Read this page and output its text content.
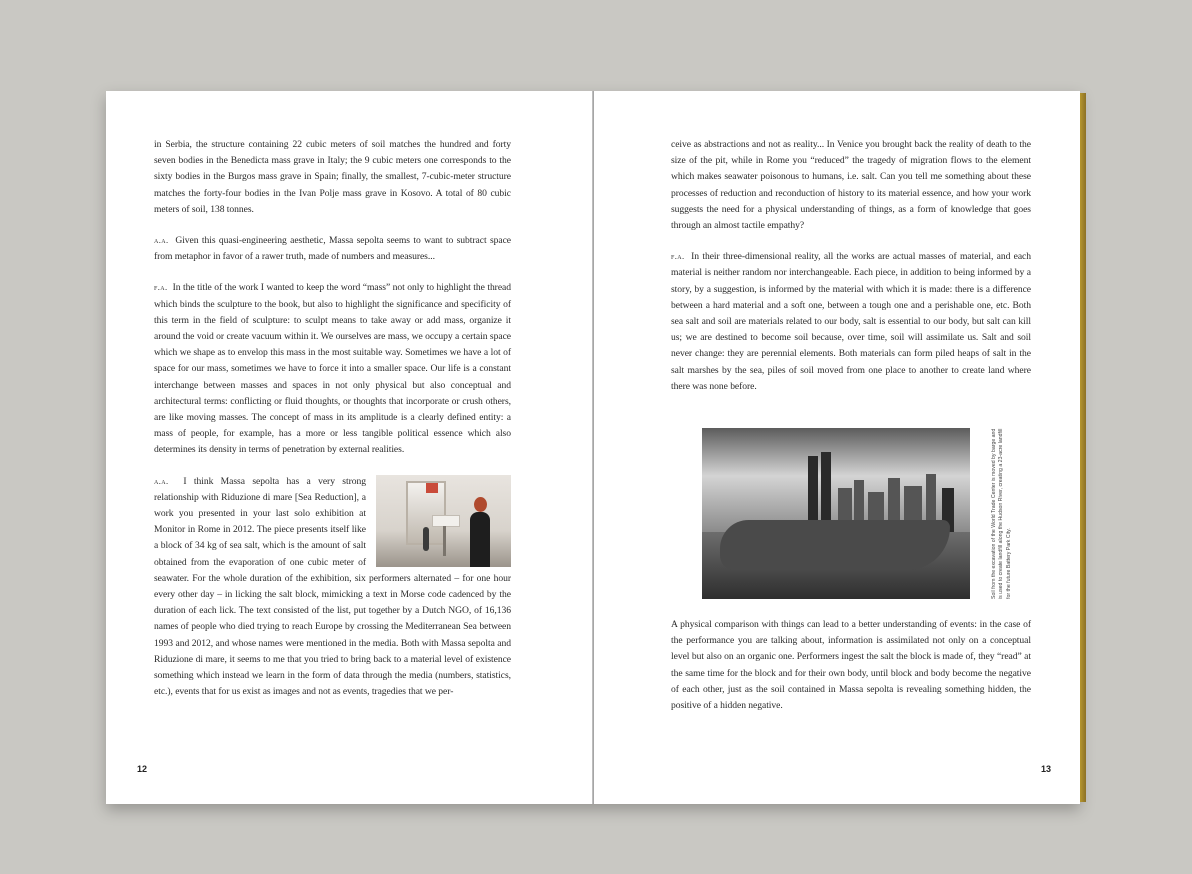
in Serbia, the structure containing 22 cubic meters of soil matches the hundred and forty seven bodies in the Benedicta mass grave in Italy; the 9 cubic meters one corresponds to the sixty bodies in the Burgos mass grave in Spain; finally, the smallest, 7-cubic-meter structure matches the forty-four bodies in the Ivan Polje mass grave in Kosovo. A total of 80 cubic meters of soil, 138 tonnes.

a.a. Given this quasi-engineering aesthetic, Massa sepolta seems to want to subtract space from metaphor in favor of a rawer truth, made of numbers and measures...

f.a. In the title of the work I wanted to keep the word “mass” not only to highlight the thread which binds the sculpture to the book, but also to highlight the significance and specificity of this term in the field of sculpture: to sculpt means to take away or add mass, organize it around the void or create vacuum within it. We ourselves are mass, we occupy a certain space which we shape as to envelop this mass in the most suitable way. Sometimes we have a lot of space for our mass, sometimes we have to force it into a smaller space. Our life is a constant interchange between masses and spaces in not only physical but also conceptual and architectural terms: conflicting or fluid thoughts, or thoughts that incorporate or crush others, are like moving masses. The concept of mass in its amplitude is a clearly defined entity: a mass of people, for example, has a more or less tangible political essence which also determines its density in terms of penetration by external realities.

a.a. I think Massa sepolta has a very strong relationship with Riduzione di mare [Sea Reduction], a work you presented in your last solo exhibition at Monitor in Rome in 2012. The piece presents itself like a block of 34 kg of sea salt, which is the amount of salt obtained from the evaporation of one cubic meter of seawater. For the whole duration of the exhibition, six performers alternated – for one hour every other day – in licking the salt block, mimicking a text in Morse code cadenced by the duration of each lick. The text consisted of the list, put together by a Dutch NGO, of 16,136 names of people who died trying to reach Europe by crossing the Mediterranean Sea between 1993 and 2012, and whose names were mentioned in the media. Both with Massa sepolta and Riduzione di mare, it seems to me that you tried to bring back to a material level of existence something which instead we learn in the form of data through the media (numbers, statistics, etc.), events that for us exist as images and not as events, tragedies that we per-

12

ceive as abstractions and not as reality... In Venice you brought back the reality of death to the size of the pit, while in Rome you “reduced” the tragedy of migration flows to the element which makes seawater poisonous to humans, i.e. salt. Can you tell me something about these processes of reduction and reconduction of history to its material essence, and how your work suggests the need for a physical understanding of things, as a form of knowledge that goes through an almost tactile empathy?

f.a. In their three-dimensional reality, all the works are actual masses of material, and each material is neither random nor interchangeable. Each piece, in addition to being informed by a story, by a suggestion, is informed by the material with which it is made: there is a difference between a hard material and a soft one, between a tough one and a perishable one, etc. Both sea salt and soil are materials related to our body, salt is essential to our body, but salt can kill us; we are destined to become soil because, over time, soil will assimilate us. Salt and soil never change: they are perennial elements. Both materials can form piled heaps of salt in the salt marshes by the sea, piles of soil moved from one place to another to create land where there was none before.

Soil from the excavation of the World Trade Center is moved by barge and is used to create landfill along the Hudson River, creating a 23-acre landfill for the future Battery Park City.

A physical comparison with things can lead to a better understanding of events: in the case of the performance you are talking about, information is assimilated not only on a conceptual level but also on an organic one. Performers ingest the salt the block is made of, they “read” at the same time for the block and for their own body, until block and body become the negative of each other, just as the soil contained in Massa sepolta is revealing something hidden, the positive of a hidden negative.

13
